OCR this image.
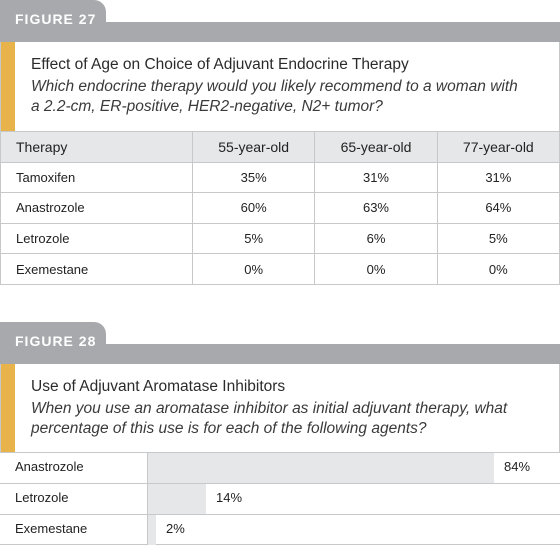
FIGURE 27
Effect of Age on Choice of Adjuvant Endocrine Therapy
Which endocrine therapy would you likely recommend to a woman with
a 2.2-cm, ER-positive, HER2-negative, N2+ tumor?
Therapy	55-year-old	65-year-old	77-year-old
Tamoxifen	35%	31%	31%
Anastrozole	60%	63%	64%
Letrozole	5%	6%	5%
Exemestane	0%	0%	0%
FIGURE 28
Use of Adjuvant Aromatase Inhibitors
When you use an aromatase inhibitor as initial adjuvant therapy, what
percentage of this use is for each of the following agents?
Anastrozole	84%
Letrozole	14%
Exemestane	2%
